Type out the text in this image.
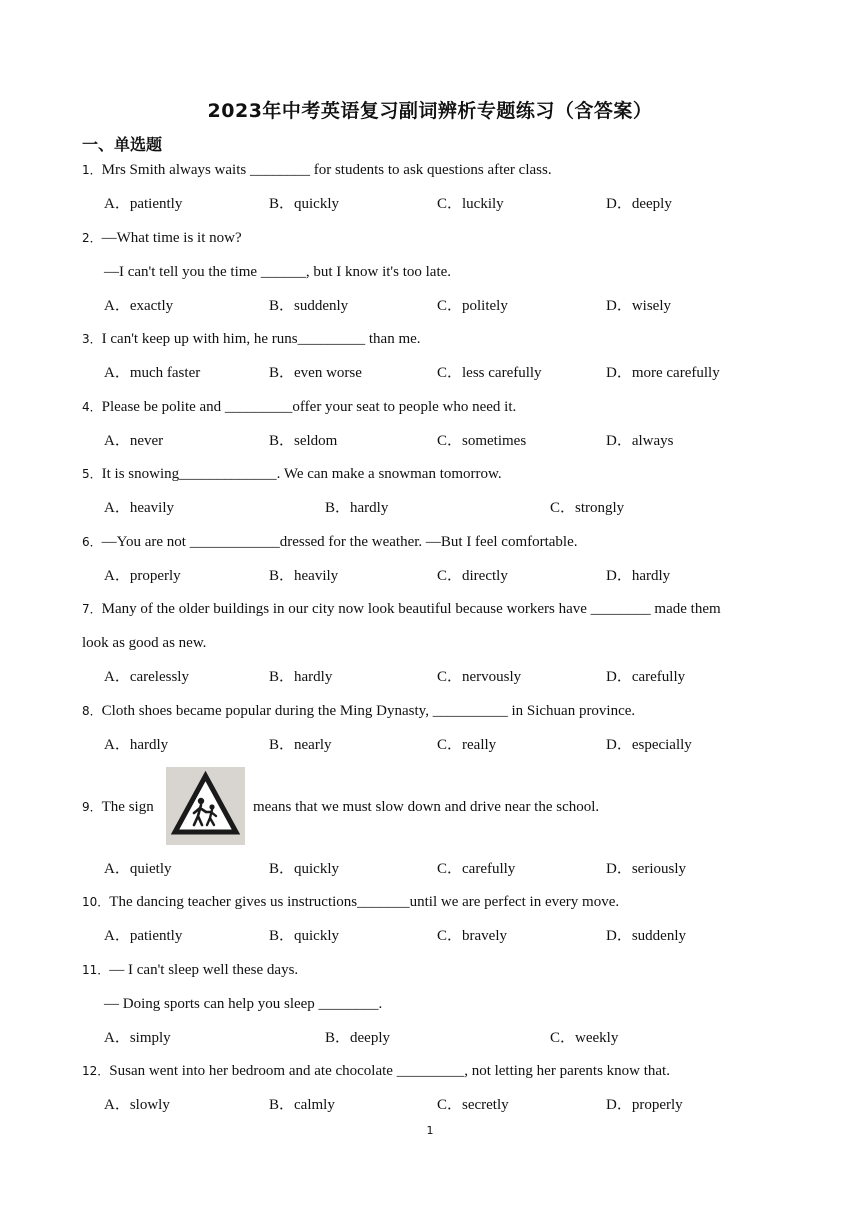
2023年中考英语复习副词辨析专题练习（含答案）
一、单选题
1．Mrs Smith always waits ________ for students to ask questions after class.
A．patiently	B．quickly	C．luckily	D．deeply
2．—What time is it now?
—I can't tell you the time ______, but I know it's too late.
A．exactly	B．suddenly	C．politely	D．wisely
3．I can't keep up with him, he runs_________ than me.
A．much faster	B．even worse	C．less carefully	D．more carefully
4．Please be polite and _________offer your seat to people who need it.
A．never	B．seldom	C．sometimes	D．always
5．It is snowing_____________. We can make a snowman tomorrow.
A．heavily	B．hardly	C．strongly
6．—You are not ____________dressed for the weather. —But I feel comfortable.
A．properly	B．heavily	C．directly	D．hardly
7．Many of the older buildings in our city now look beautiful because workers have ________ made them
look as good as new.
A．carelessly	B．hardly	C．nervously	D．carefully
8．Cloth shoes became popular during the Ming Dynasty, __________ in Sichuan province.
A．hardly	B．nearly	C．really	D．especially
9．The sign	means that we must slow down and drive near the school.
A．quietly	B．quickly	C．carefully	D．seriously
10．The dancing teacher gives us instructions_______until we are perfect in every move.
A．patiently	B．quickly	C．bravely	D．suddenly
11．— I can't sleep well these days.
— Doing sports can help you sleep ________.
A．simply	B．deeply	C．weekly
12．Susan went into her bedroom and ate chocolate _________, not letting her parents know that.
A．slowly	B．calmly	C．secretly	D．properly
1
